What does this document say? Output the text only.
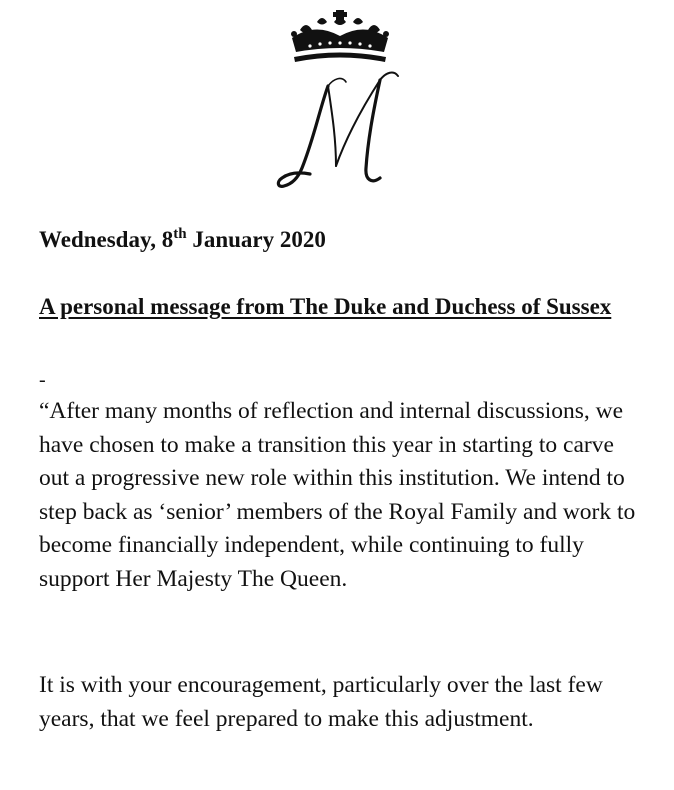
Wednesday, 8th January 2020
A personal message from The Duke and Duchess of Sussex
-

“After many months of reflection and internal discussions, we have chosen to make a transition this year in starting to carve out a progressive new role within this institution. We intend to step back as ‘senior’ members of the Royal Family and work to become financially independent, while continuing to fully support Her Majesty The Queen.

It is with your encouragement, particularly over the last few years, that we feel prepared to make this adjustment.
